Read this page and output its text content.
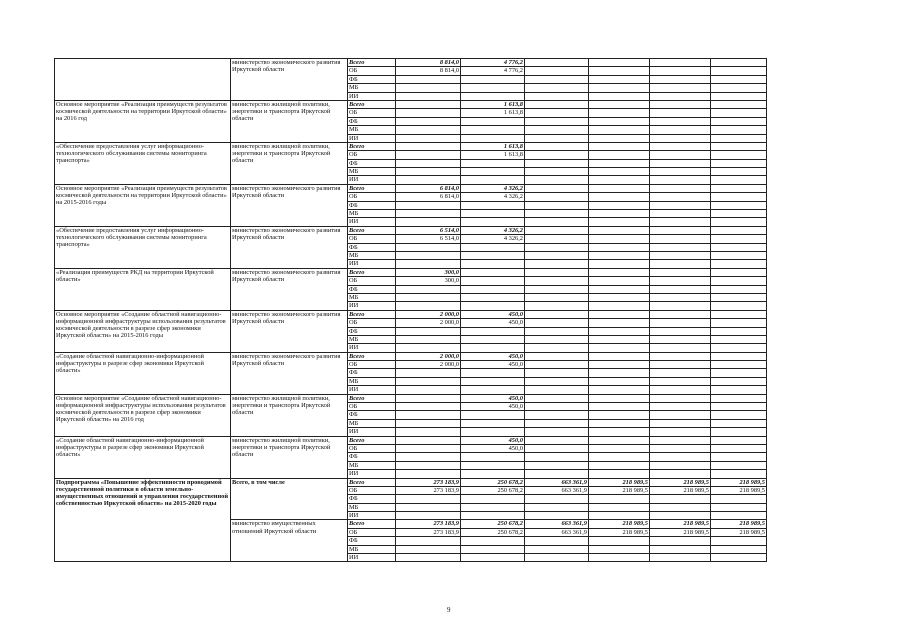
	министерство экономического развития Иркутской области	Всего	8 814,0	4 776,2				
		ОБ	8 814,0	4 776,2				
		ФБ						
		МБ						
		ИИ						
Основное мероприятие «Реализация преимуществ результатов космической деятельности на территории Иркутской области» на 2016 год	министерство жилищной политики, энергетики и транспорта Иркутской области	Всего		1 613,8				
		ОБ		1 613,8				
		ФБ						
		МБ						
		ИИ						
«Обеспечение предоставления услуг информационно-технологического обслуживания системы мониторинга транспорта»	министерство жилищной политики, энергетики и транспорта Иркутской области	Всего		1 613,8				
		ОБ		1 613,8				
		ФБ						
		МБ						
		ИИ						
Основное мероприятие «Реализация преимуществ результатов космической деятельности на территории Иркутской области» на 2015-2016 годы	министерство экономического развития Иркутской области	Всего	6 814,0	4 326,2				
		ОБ	6 814,0	4 326,2				
		ФБ						
		МБ						
		ИИ						
«Обеспечение предоставления услуг информационно-технологического обслуживания системы мониторинга транспорта»	министерство экономического развития Иркутской области	Всего	6 514,0	4 326,2				
		ОБ	6 514,0	4 326,2				
		ФБ						
		МБ						
		ИИ						
«Реализация преимуществ РКД на территории Иркутской области»	министерство экономического развития Иркутской области	Всего	300,0					
		ОБ	300,0					
		ФБ						
		МБ						
		ИИ						
Основное мероприятие «Создание областной навигационно-информационной инфраструктуры использования результатов космической деятельности в разрезе сфер экономики Иркутской области» на 2015-2016 годы	министерство экономического развития Иркутской области	Всего	2 000,0	450,0				
		ОБ	2 000,0	450,0				
		ФБ						
		МБ						
		ИИ						
«Создание областной навигационно-информационной инфраструктуры в разрезе сфер экономики Иркутской области»	министерство экономического развития Иркутской области	Всего	2 000,0	450,0				
		ОБ	2 000,0	450,0				
		ФБ						
		МБ						
		ИИ						
Основное мероприятие «Создание областной навигационно-информационной инфраструктуры использования результатов космической деятельности в разрезе сфер экономики Иркутской области» на 2016 год	министерство жилищной политики, энергетики и транспорта Иркутской области	Всего		450,0				
		ОБ		450,0				
		ФБ						
		МБ						
		ИИ						
«Создание областной навигационно-информационной инфраструктуры в разрезе сфер экономики Иркутской области»	министерство жилищной политики, энергетики и транспорта Иркутской области	Всего		450,0				
		ОБ		450,0				
		ФБ						
		МБ						
		ИИ						
Подпрограмма «Повышение эффективности проводимой государственной политики в области земельно-имущественных отношений и управления государственной собственностью Иркутской области» на 2015-2020 годы	Всего, в том числе	Всего	273 183,9	250 678,2	663 361,9	218 989,5	218 989,5	218 989,5
		ОБ	273 183,9	250 678,2	663 361,9	218 989,5	218 989,5	218 989,5
		ФБ						
		МБ						
		ИИ						
	министерство имущественных отношений Иркутской области	Всего	273 183,9	250 678,2	663 361,9	218 989,5	218 989,5	218 989,5
		ОБ	273 183,9	250 678,2	663 361,9	218 989,5	218 989,5	218 989,5
		ФБ						
		МБ						
		ИИ						
9
